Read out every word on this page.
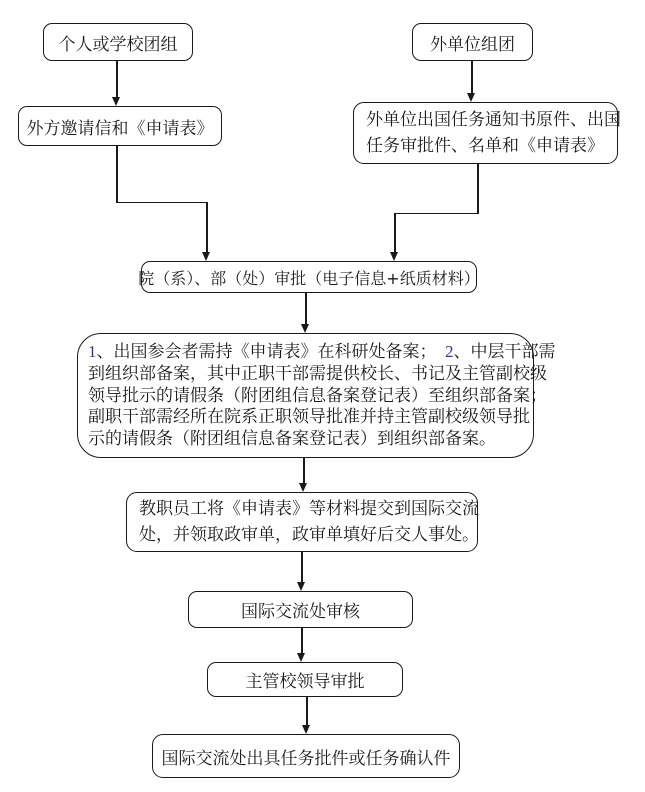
个人或学校团组	外单位组团
外方邀请信和《申请表》	外单位出国任务通知书原件、出国
任务审批件、名单和《申请表》
院（系）、部（处）审批（电子信息+纸质材料）
1、出国参会者需持《申请表》在科研处备案；　2、中层干部需
到组织部备案，其中正职干部需提供校长、书记及主管副校级
领导批示的请假条（附团组信息备案登记表）至组织部备案；
副职干部需经所在院系正职领导批准并持主管副校级领导批
示的请假条（附团组信息备案登记表）到组织部备案。
教职员工将《申请表》等材料提交到国际交流
处，并领取政审单，政审单填好后交人事处。
国际交流处审核
主管校领导审批
国际交流处出具任务批件或任务确认件
